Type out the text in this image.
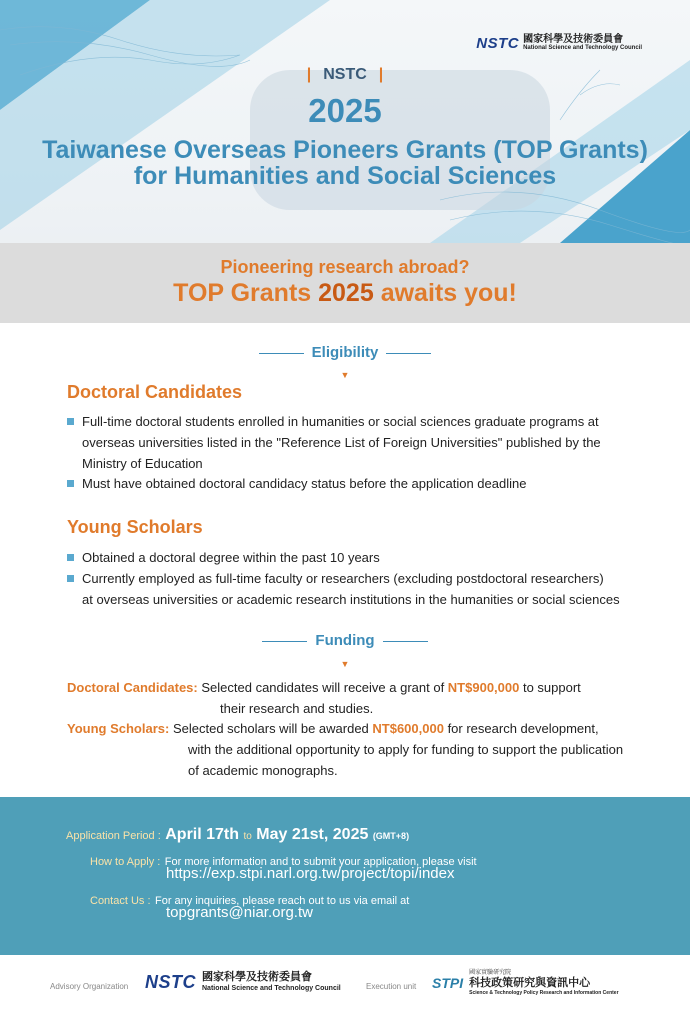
NSTC 國家科學及技術委員會
National Science and Technology Council
| NSTC |
2025
Taiwanese Overseas Pioneers Grants (TOP Grants)
for Humanities and Social Sciences
Pioneering research abroad?
TOP Grants 2025 awaits you!
Eligibility
▼
Doctoral Candidates
Full-time doctoral students enrolled in humanities or social sciences graduate programs at
overseas universities listed in the "Reference List of Foreign Universities" published by the
Ministry of Education
Must have obtained doctoral candidacy status before the application deadline
Young Scholars
Obtained a doctoral degree within the past 10 years
Currently employed as full-time faculty or researchers (excluding postdoctoral researchers)
at overseas universities or academic research institutions in the humanities or social sciences
Funding
▼
Doctoral Candidates: Selected candidates will receive a grant of NT$900,000 to support
their research and studies.
Young Scholars: Selected scholars will be awarded NT$600,000 for research development,
with the additional opportunity to apply for funding to support the publication
of academic monographs.
Application Period : April 17th to May 21st, 2025 (GMT+8)
How to Apply : For more information and to submit your application, please visit
https://exp.stpi.narl.org.tw/project/topi/index
Contact Us : For any inquiries, please reach out to us via email at
topgrants@niar.org.tw
Advisory Organization NSTC 國家科學及技術委員會
National Science and Technology Council	Execution unit STPI
國家實驗研究院
科技政策研究與資訊中心
Science & Technology Policy Research and Information Center
